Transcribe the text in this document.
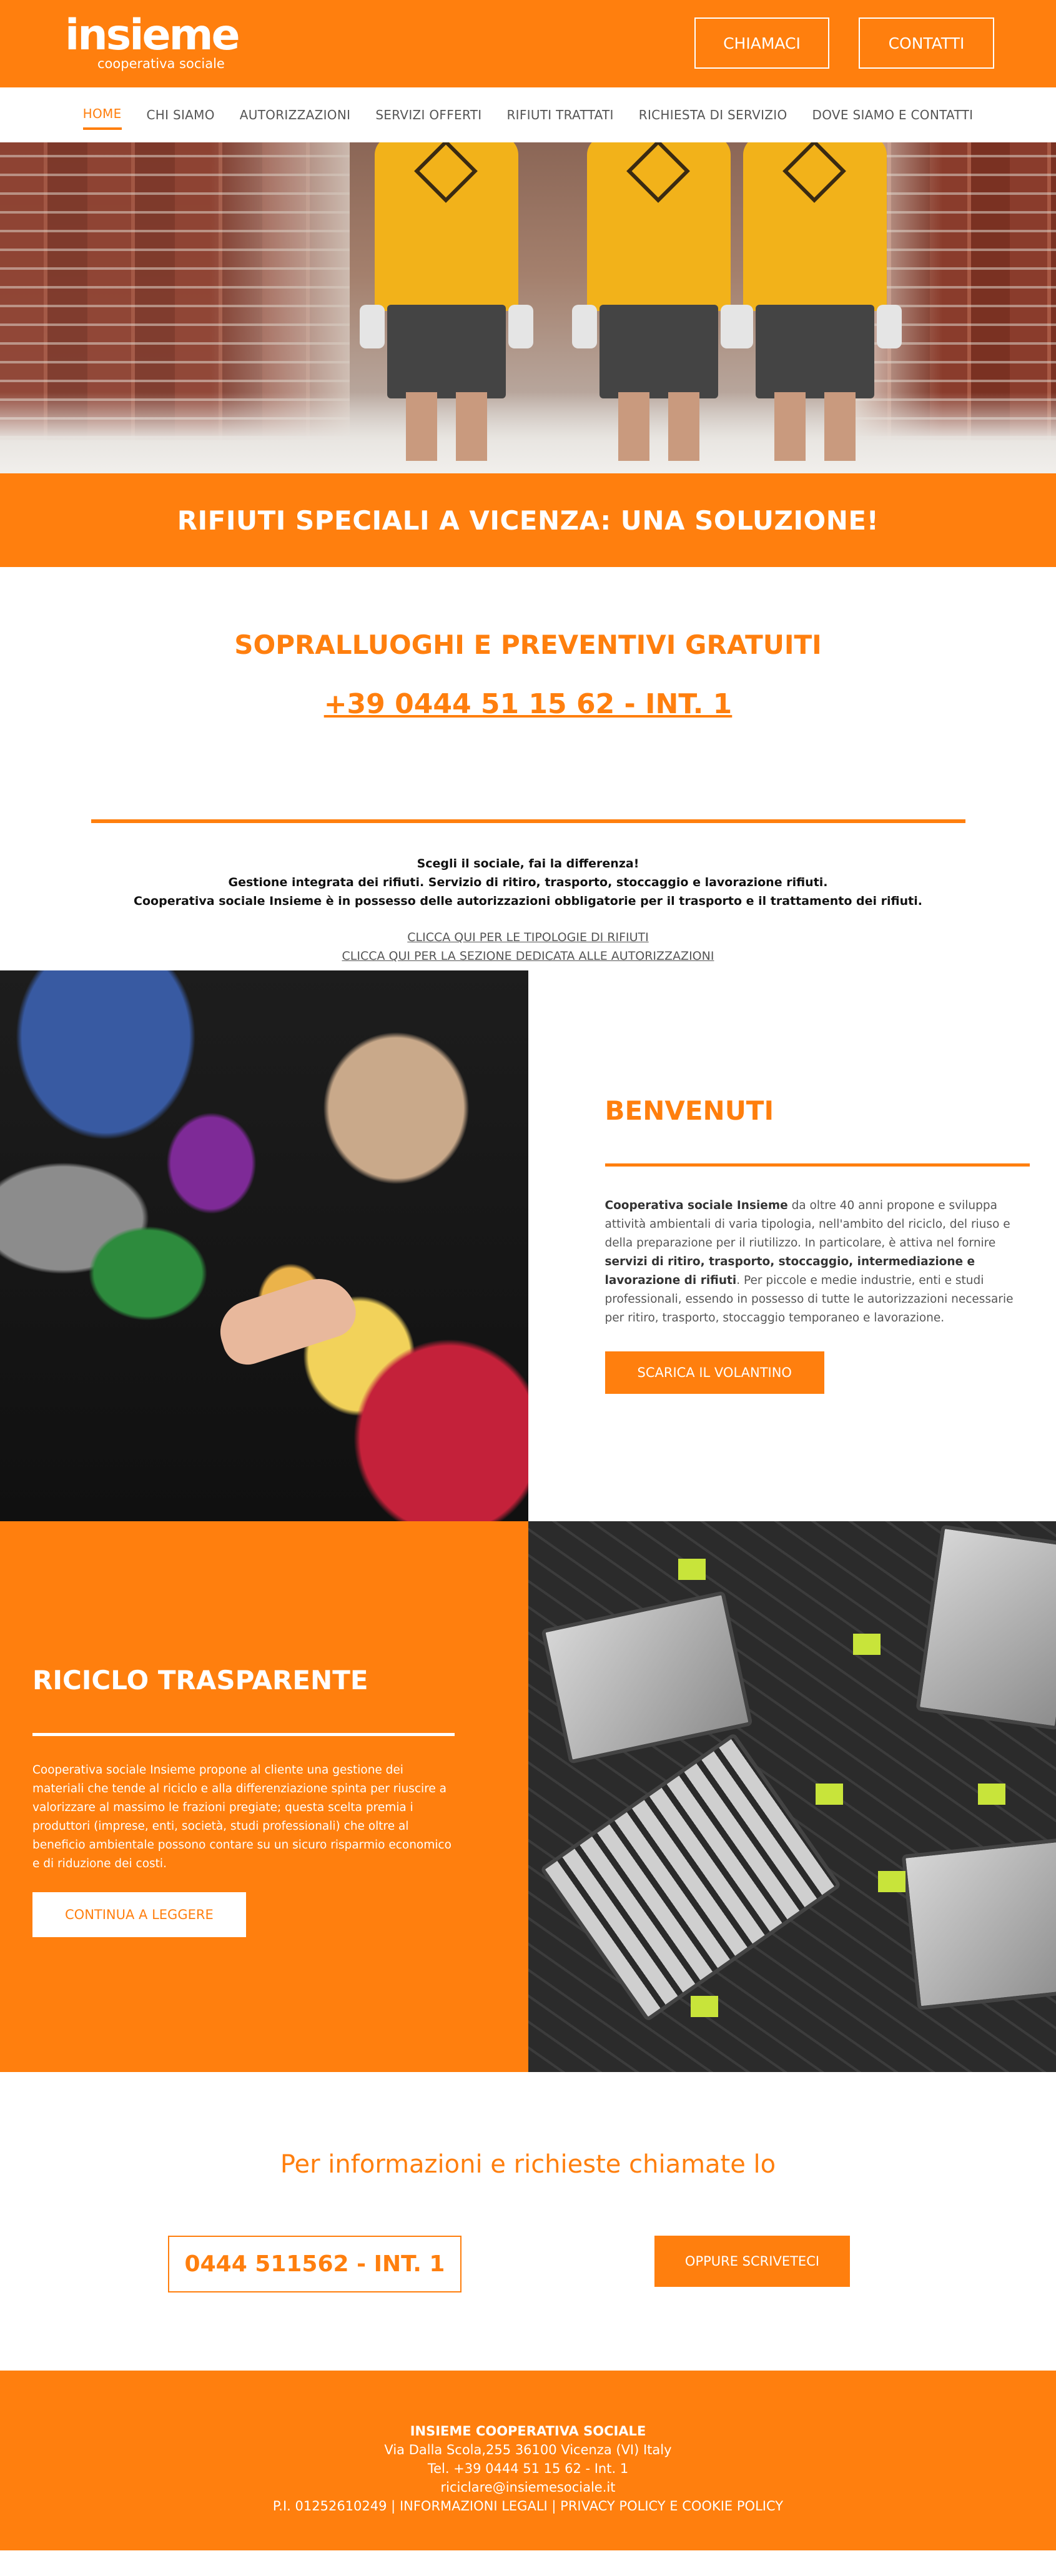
insieme
cooperativa sociale
CHIAMACI	CONTATTI
HOME CHI SIAMO AUTORIZZAZIONI SERVIZI OFFERTI RIFIUTI TRATTATI RICHIESTA DI SERVIZIO DOVE SIAMO E CONTATTI
RIFIUTI SPECIALI A VICENZA: UNA SOLUZIONE!
SOPRALLUOGHI E PREVENTIVI GRATUITI
+39 0444 51 15 62 - INT. 1

Scegli il sociale, fai la differenza!

Gestione integrata dei rifiuti. Servizio di ritiro, trasporto, stoccaggio e lavorazione rifiuti.

Cooperativa sociale Insieme è in possesso delle autorizzazioni obbligatorie per il trasporto e il trattamento dei rifiuti.

CLICCA QUI PER LE TIPOLOGIE DI RIFIUTI
CLICCA QUI PER LA SEZIONE DEDICATA ALLE AUTORIZZAZIONI
BENVENUTI

Cooperativa sociale Insieme da oltre 40 anni propone e sviluppa attività ambientali di varia tipologia, nell'ambito del riciclo, del riuso e della preparazione per il riutilizzo. In particolare, è attiva nel fornire servizi di ritiro, trasporto, stoccaggio, intermediazione e lavorazione di rifiuti. Per piccole e medie industrie, enti e studi professionali, essendo in possesso di tutte le autorizzazioni necessarie per ritiro, trasporto, stoccaggio temporaneo e lavorazione.

SCARICA IL VOLANTINO
RICICLO TRASPARENTE

Cooperativa sociale Insieme propone al cliente una gestione dei materiali che tende al riciclo e alla differenziazione spinta per riuscire a valorizzare al massimo le frazioni pregiate; questa scelta premia i produttori (imprese, enti, società, studi professionali) che oltre al beneficio ambientale possono contare su un sicuro risparmio economico e di riduzione dei costi.

CONTINUA A LEGGERE
Per informazioni e richieste chiamate lo
0444 511562 - INT. 1	OPPURE SCRIVETECI
INSIEME COOPERATIVA SOCIALE
Via Dalla Scola,255 36100 Vicenza (VI) Italy
Tel. +39 0444 51 15 62 - Int. 1
riciclare@insiemesociale.it
P.I. 01252610249 | INFORMAZIONI LEGALI | PRIVACY POLICY E COOKIE POLICY
